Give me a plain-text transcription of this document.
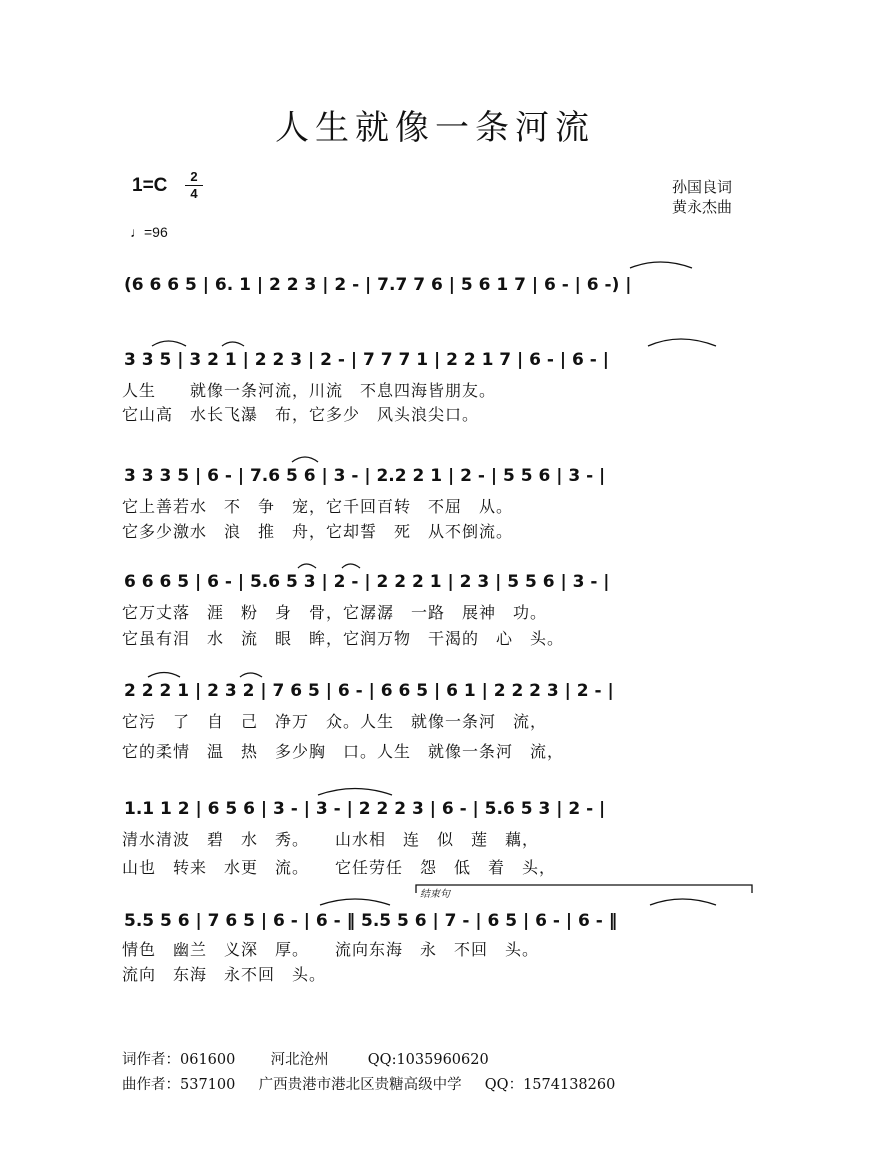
人生就像一条河流
1=C	2
4	孙国良词
黄永杰曲
♩=96
(6 6 6 5 | 6. 1 | 2 2 3 | 2 - | 7.7 7 6 | 5 6 1 7 | 6 - | 6 -) |
3 3 5 | 3 2 1 | 2 2 3 | 2 - | 7 7 7 1 | 2 2 1 7 | 6 - | 6 - |
人生　　就像一条河流，川流　不息四海皆朋友。
它山高　水长飞瀑　布，它多少　风头浪尖口。
3 3 3 5 | 6 - | 7.6 5 6 | 3 - | 2.2 2 1 | 2 - | 5 5 6 | 3 - |
它上善若水　不　争　宠，它千回百转　不屈　从。
它多少激水　浪　推　舟，它却誓　死　从不倒流。
6 6 6 5 | 6 - | 5.6 5 3 | 2 - | 2 2 2 1 | 2 3 | 5 5 6 | 3 - |
它万丈落　涯　粉　身　骨，它潺潺　一路　展神　功。
它虽有泪　水　流　眼　眸，它润万物　干渴的　心　头。
2 2 2 1 | 2 3 2 | 7 6 5 | 6 - | 6 6 5 | 6 1 | 2 2 2 3 | 2 - |
它污　了　自　己　净万　众。人生　就像一条河　流，
它的柔情　温　热　多少胸　口。人生　就像一条河　流，
1.1 1 2 | 6 5 6 | 3 - | 3 - | 2 2 2 3 | 6 - | 5.6 5 3 | 2 - |
清水清波　碧　水　秀。　　山水相　连　似　莲　藕，
山也　转来　水更　流。　　它任劳任　怨　低　着　头，
结束句
5.5 5 6 | 7 6 5 | 6 - | 6 - ‖ 5.5 5 6 | 7 - | 6 5 | 6 - | 6 - ‖
情色　幽兰　义深　厚。　　流向东海　永　不回　头。
流向　东海　永不回　头。
词作者：061600 河北沧州	QQ:1035960620
曲作者：537100 广西贵港市港北区贵糖高级中学 QQ：1574138260
